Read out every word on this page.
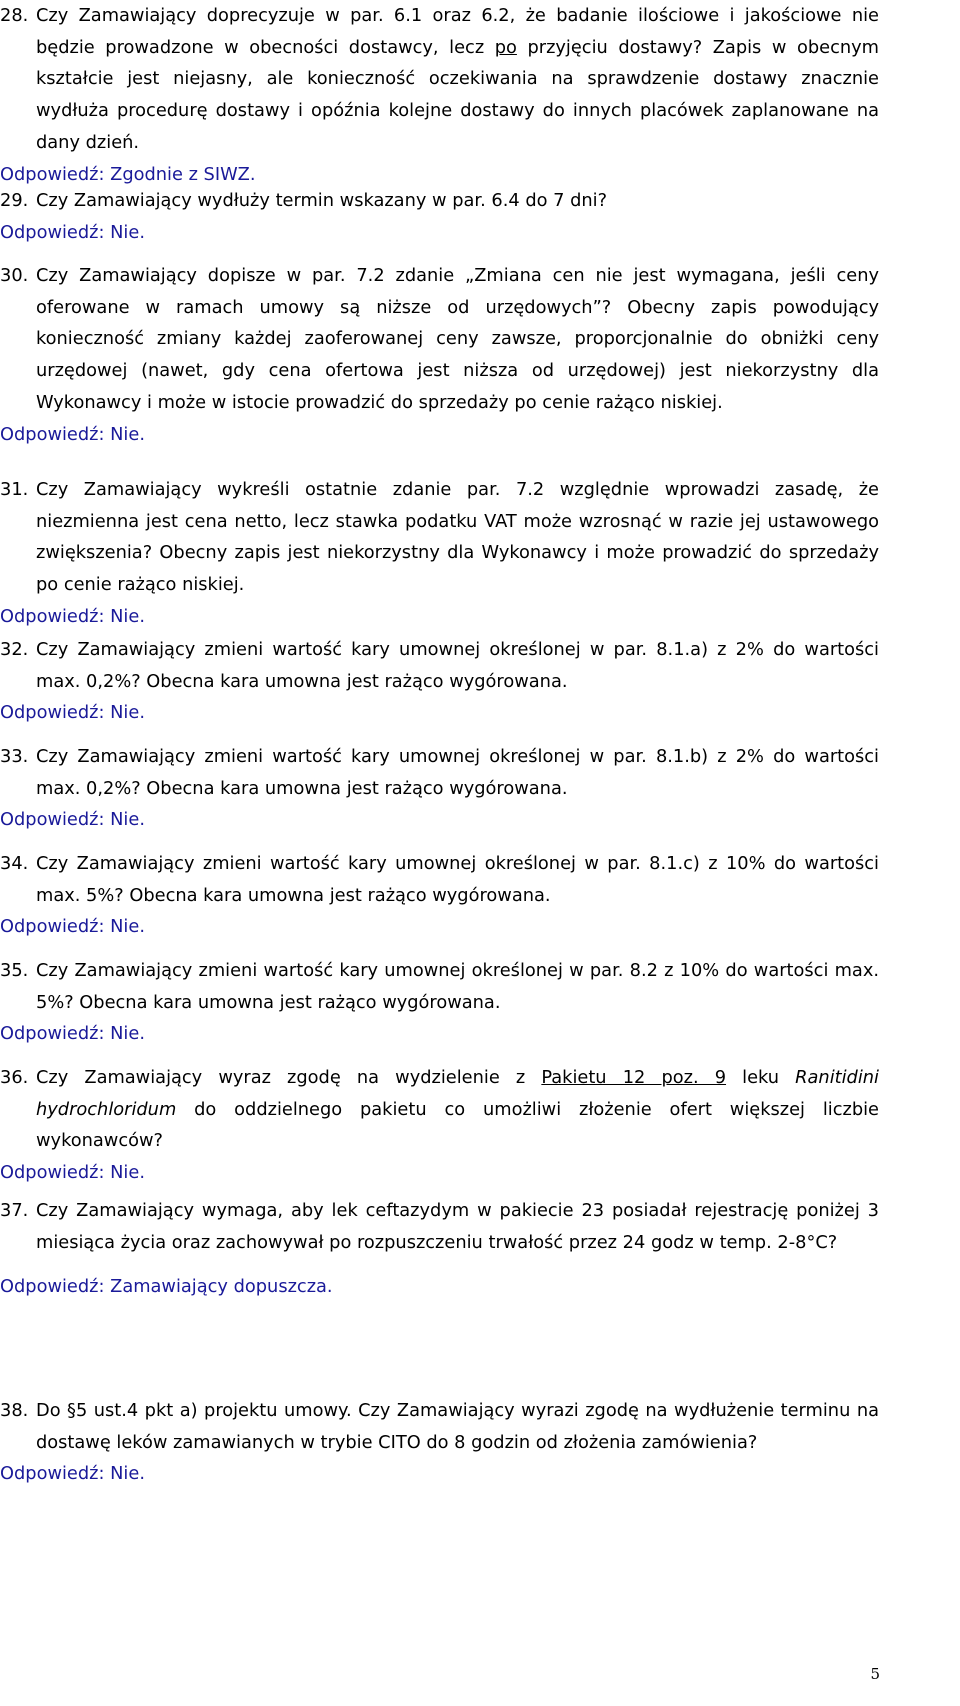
28. Czy Zamawiający doprecyzuje w par. 6.1 oraz 6.2, że badanie ilościowe i jakościowe nie będzie prowadzone w obecności dostawcy, lecz po przyjęciu dostawy? Zapis w obecnym kształcie jest niejasny, ale konieczność oczekiwania na sprawdzenie dostawy znacznie wydłuża procedurę dostawy i opóźnia kolejne dostawy do innych placówek zaplanowane na dany dzień.

Odpowiedź: Zgodnie z SIWZ.

29. Czy Zamawiający wydłuży termin wskazany w par. 6.4 do 7 dni?

Odpowiedź: Nie.

30. Czy Zamawiający dopisze w par. 7.2 zdanie „Zmiana cen nie jest wymagana, jeśli ceny oferowane w ramach umowy są niższe od urzędowych”? Obecny zapis powodujący konieczność zmiany każdej zaoferowanej ceny zawsze, proporcjonalnie do obniżki ceny urzędowej (nawet, gdy cena ofertowa jest niższa od urzędowej) jest niekorzystny dla Wykonawcy i może w istocie prowadzić do sprzedaży po cenie rażąco niskiej.

Odpowiedź: Nie.

31. Czy Zamawiający wykreśli ostatnie zdanie par. 7.2 względnie wprowadzi zasadę, że niezmienna jest cena netto, lecz stawka podatku VAT może wzrosnąć w razie jej ustawowego zwiększenia? Obecny zapis jest niekorzystny dla Wykonawcy i może prowadzić do sprzedaży po cenie rażąco niskiej.

Odpowiedź: Nie.

32. Czy Zamawiający zmieni wartość kary umownej określonej w par. 8.1.a) z 2% do wartości max. 0,2%? Obecna kara umowna jest rażąco wygórowana.

Odpowiedź: Nie.

33. Czy Zamawiający zmieni wartość kary umownej określonej w par. 8.1.b) z 2% do wartości max. 0,2%? Obecna kara umowna jest rażąco wygórowana.

Odpowiedź: Nie.

34. Czy Zamawiający zmieni wartość kary umownej określonej w par. 8.1.c) z 10% do wartości max. 5%? Obecna kara umowna jest rażąco wygórowana.

Odpowiedź: Nie.

35. Czy Zamawiający zmieni wartość kary umownej określonej w par. 8.2 z 10% do wartości max. 5%? Obecna kara umowna jest rażąco wygórowana.

Odpowiedź: Nie.

36. Czy Zamawiający wyraz zgodę na wydzielenie z Pakietu 12 poz. 9 leku Ranitidini hydrochloridum do oddzielnego pakietu co umożliwi złożenie ofert większej liczbie wykonawców?

Odpowiedź: Nie.

37. Czy Zamawiający wymaga, aby lek ceftazydym w pakiecie 23 posiadał rejestrację poniżej 3 miesiąca życia oraz zachowywał po rozpuszczeniu trwałość przez 24 godz w temp. 2-8°C?

Odpowiedź: Zamawiający dopuszcza.

38. Do §5 ust.4 pkt a) projektu umowy. Czy Zamawiający wyrazi zgodę na wydłużenie terminu na dostawę leków zamawianych w trybie CITO do 8 godzin od złożenia zamówienia?

Odpowiedź: Nie.

5
